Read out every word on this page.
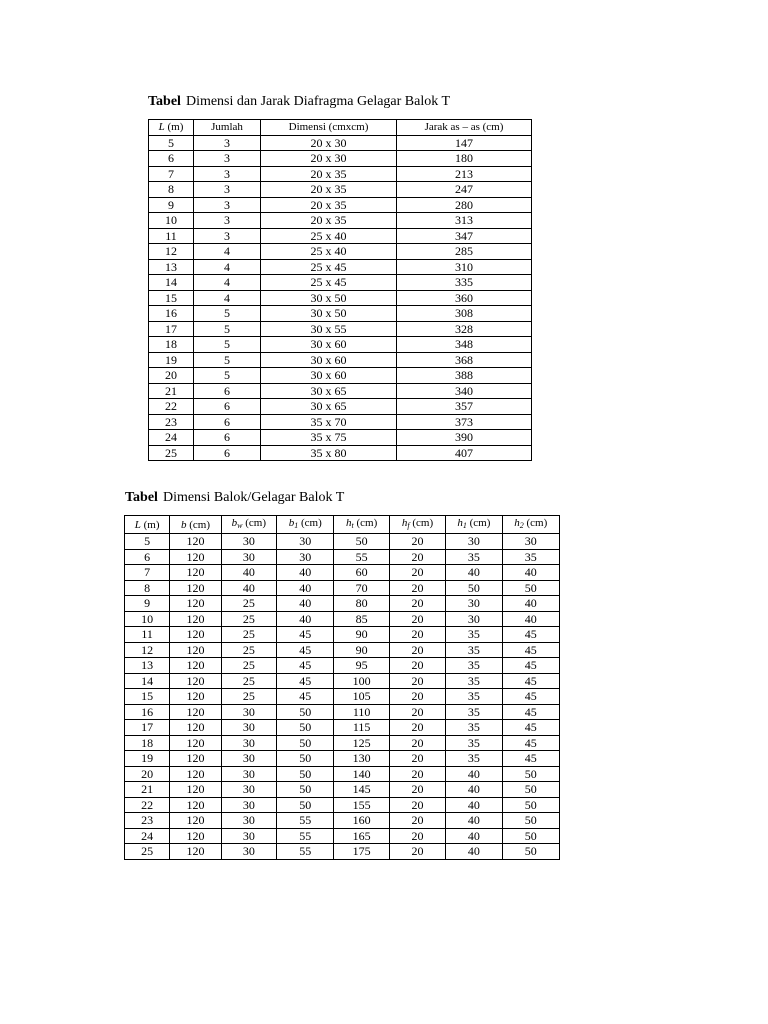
Tabel Dimensi dan Jarak Diafragma Gelagar Balok T
L (m)	Jumlah	Dimensi (cmxcm)	Jarak as – as (cm)
5	3	20 x 30	147
6	3	20 x 30	180
7	3	20 x 35	213
8	3	20 x 35	247
9	3	20 x 35	280
10	3	20 x 35	313
11	3	25 x 40	347
12	4	25 x 40	285
13	4	25 x 45	310
14	4	25 x 45	335
15	4	30 x 50	360
16	5	30 x 50	308
17	5	30 x 55	328
18	5	30 x 60	348
19	5	30 x 60	368
20	5	30 x 60	388
21	6	30 x 65	340
22	6	30 x 65	357
23	6	35 x 70	373
24	6	35 x 75	390
25	6	35 x 80	407
Tabel Dimensi Balok/Gelagar Balok T
L (m)	b (cm)	$b_w$ (cm)	$b_1$ (cm)	$h_t$ (cm)	$h_f$ (cm)	$h_1$ (cm)	$h_2$ (cm)
5	120	30	30	50	20	30	30
6	120	30	30	55	20	35	35
7	120	40	40	60	20	40	40
8	120	40	40	70	20	50	50
9	120	25	40	80	20	30	40
10	120	25	40	85	20	30	40
11	120	25	45	90	20	35	45
12	120	25	45	90	20	35	45
13	120	25	45	95	20	35	45
14	120	25	45	100	20	35	45
15	120	25	45	105	20	35	45
16	120	30	50	110	20	35	45
17	120	30	50	115	20	35	45
18	120	30	50	125	20	35	45
19	120	30	50	130	20	35	45
20	120	30	50	140	20	40	50
21	120	30	50	145	20	40	50
22	120	30	50	155	20	40	50
23	120	30	55	160	20	40	50
24	120	30	55	165	20	40	50
25	120	30	55	175	20	40	50
